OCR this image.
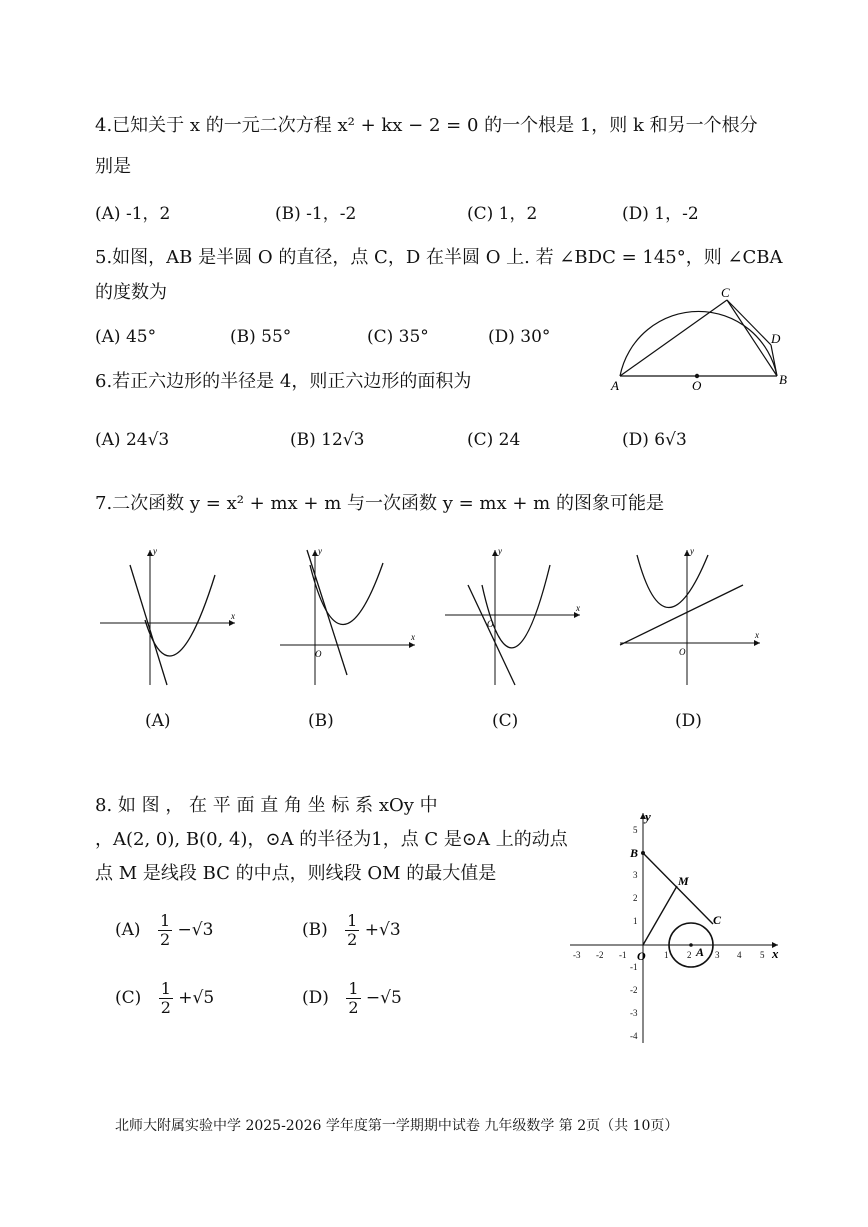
4.已知关于 x 的一元二次方程 x² + kx − 2 = 0 的一个根是 1，则 k 和另一个根分
别是
(A) -1，2	(B) -1，-2	(C) 1，2	(D) 1，-2
5.如图，AB 是半圆 O 的直径，点 C，D 在半圆 O 上. 若 ∠BDC = 145°，则 ∠CBA
的度数为
(A) 45°	(B) 55°	(C) 35°	(D) 30°
A	O	B
C
D
6.若正六边形的半径是 4，则正六边形的面积为
(A) 24√3	(B) 12√3	(C) 24	(D) 6√3
7.二次函数 y = x² + mx + m 与一次函数 y = mx + m 的图象可能是
x
y
(A)
x
y
O
(B)
x
y
O
(C)
x
y
O
(D)
8. 如 图 ， 在 平 面 直 角 坐 标 系 xOy 中
，A(2, 0), B(0, 4)，⊙A 的半径为1，点 C 是⊙A 上的动点
点 M 是线段 BC 的中点，则线段 OM 的最大值是
$(A) \frac{1}{2} -√3$	$(B) \frac{1}{2} +√3$
$(C) \frac{1}{2} +√5$	$(D) \frac{1}{2} -√5$
-3 -2 -1	1 2	3 4 5
5
3
2
1
-1
-2
-3
-4
y
x
B
M
C
O	A
北师大附属实验中学 2025-2026 学年度第一学期期中试卷 九年级数学 第 2页（共 10页）
